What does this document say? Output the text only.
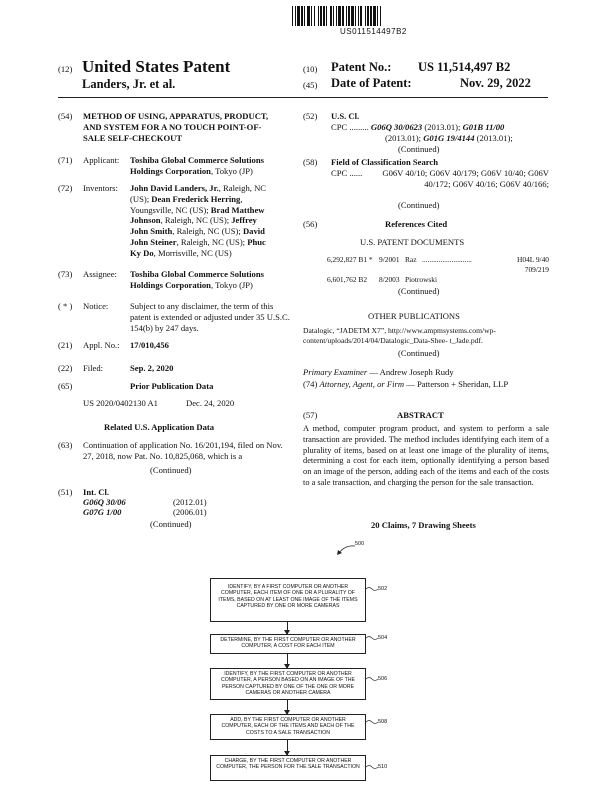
US011514497B2
(12) United States Patent
Landers, Jr. et al.
(10) Patent No.: US 11,514,497 B2
(45) Date of Patent:	Nov. 29, 2022
(54)	METHOD OF USING, APPARATUS, PRODUCT, AND SYSTEM FOR A NO TOUCH POINT-OF-SALE SELF-CHECKOUT
(71)	Applicant: Toshiba Global Commerce Solutions Holdings Corporation, Tokyo (JP)
(72)	Inventors: John David Landers, Jr., Raleigh, NC
(US); Dean Frederick Herring,
Youngsville, NC (US); Brad Matthew
Johnson, Raleigh, NC (US); Jeffrey
John Smith, Raleigh, NC (US); David
John Steiner, Raleigh, NC (US); Phuc
Ky Do, Morrisville, NC (US)
(73)	Assignee: Toshiba Global Commerce Solutions Holdings Corporation, Tokyo (JP)
( * )	Notice:	Subject to any disclaimer, the term of this patent is extended or adjusted under 35 U.S.C. 154(b) by 247 days.
(21)	Appl. No.: 17/010,456
(22)	Filed:	Sep. 2, 2020
(65)	Prior Publication Data
US 2020/0402130 A1	Dec. 24, 2020
Related U.S. Application Data
(63)	Continuation of application No. 16/201,194, filed on Nov. 27, 2018, now Pat. No. 10,825,068, which is a
(Continued)
(51)	Int. Cl.
G06Q 30/06	(2012.01)
G07G 1/00	(2006.01)
(Continued)
(52)	U.S. Cl.
CPC ......... G06Q 30/0623 (2013.01); G01B 11/00
(2013.01); G01G 19/4144 (2013.01);
(Continued)
(58)	Field of Classification Search
CPC ......	G06V 40/10; G06V 40/179; G06V 10/40; G06V 40/172; G06V 40/16; G06V 40/166;
(Continued)
(56)	References Cited
U.S. PATENT DOCUMENTS
6,292,827 B1 * 9/2001 Raz ...........................	H04L 9/40
709/219
6,601,762 B2 8/2003 Piotrowski
(Continued)
OTHER PUBLICATIONS
Datalogic, “JADETM X7”, http://www.ampmsystems.com/wp-content/uploads/2014/04/Datalogic_Data-Shee- t_Jade.pdf.
(Continued)
Primary Examiner — Andrew Joseph Rudy
(74) Attorney, Agent, or Firm — Patterson + Sheridan, LLP
(57)	ABSTRACT
A method, computer program product, and system to perform a sale transaction are provided. The method includes identifying each item of a plurality of items, based on at least one image of the plurality of items, determining a cost for each item, optionally identifying a person based on an image of the person, adding each of the items and each of the costs to a sale transaction, and charging the person for the sale transaction.
20 Claims, 7 Drawing Sheets
500
IDENTIFY, BY A FIRST COMPUTER OR ANOTHER COMPUTER, EACH ITEM OF ONE OR A PLURALITY OF ITEMS, BASED ON AT LEAST ONE IMAGE OF THE ITEMS CAPTURED BY ONE OR MORE CAMERAS
502
DETERMINE, BY THE FIRST COMPUTER OR ANOTHER COMPUTER, A COST FOR EACH ITEM
504
IDENTIFY, BY THE FIRST COMPUTER OR ANOTHER COMPUTER, A PERSON BASED ON AN IMAGE OF THE PERSON CAPTURED BY ONE OF THE ONE OR MORE CAMERAS OR ANOTHER CAMERA
506
ADD, BY THE FIRST COMPUTER OR ANOTHER COMPUTER, EACH OF THE ITEMS AND EACH OF THE COSTS TO A SALE TRANSACTION
508
CHARGE, BY THE FIRST COMPUTER OR ANOTHER COMPUTER, THE PERSON FOR THE SALE TRANSACTION	510
